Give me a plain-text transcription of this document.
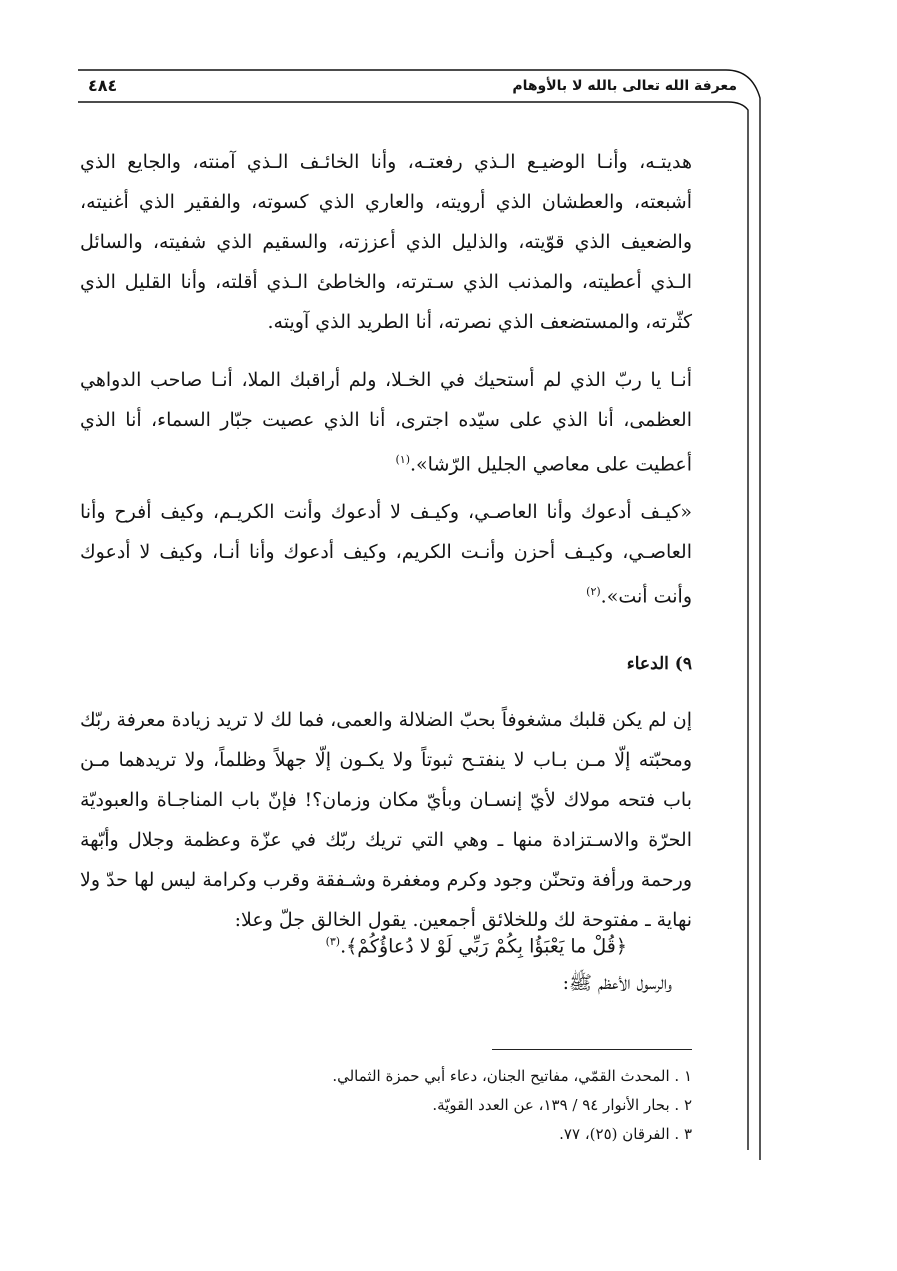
معرفة الله تعالى بالله لا بالأوهام
٤٨٤

هديتـه، وأنـا الوضيـع الـذي رفعتـه، وأنا الخائـف الـذي آمنته، والجايع الذي أشبعته، والعطشان الذي أرويته، والعاري الذي كسوته، والفقير الذي أغنيته، والضعيف الذي قوّيته، والذليل الذي أعززته، والسقيم الذي شفيته، والسائل الـذي أعطيته، والمذنب الذي سـترته، والخاطئ الـذي أقلته، وأنا القليل الذي كثّرته، والمستضعف الذي نصرته، أنا الطريد الذي آويته.

أنـا يا ربّ الذي لم أستحيك في الخـلا، ولم أراقبك الملا، أنـا صاحب الدواهي العظمى، أنا الذي على سيّده اجترى، أنا الذي عصيت جبّار السماء، أنا الذي أعطيت على معاصي الجليل الرّشا».$^{(١)}$

«كيـف أدعوك وأنا العاصـي، وكيـف لا أدعوك وأنت الكريـم، وكيف أفرح وأنا العاصـي، وكيـف أحزن وأنـت الكريم، وكيف أدعوك وأنا أنـا، وكيف لا أدعوك وأنت أنت».$^{(٢)}$

٩) الدعاء

إن لم يكن قلبك مشغوفاً بحبّ الضلالة والعمى، فما لك لا تريد زيادة معرفة ربّك ومحبّته إلّا مـن بـاب لا ينفتـح ثبوتاً ولا يكـون إلّا جهلاً وظلماً، ولا تريدهما مـن باب فتحه مولاك لأيّ إنسـان وبأيّ مكان وزمان؟! فإنّ باب المناجـاة والعبوديّة الحرّة والاسـتزادة منها ـ وهي التي تريك ربّك في عزّة وعظمة وجلال وأبّهة ورحمة ورأفة وتحنّن وجود وكرم ومغفرة وشـفقة وقرب وكرامة ليس لها حدّ ولا نهاية ـ مفتوحة لك وللخلائق أجمعين. يقول الخالق جلّ وعلا:

﴿قُلْ ما يَعْبَؤُا بِكُمْ رَبِّي لَوْ لا دُعاؤُكُمْ﴾.$^{(٣)}$
والرسول الأعظم ﷺ:
١ . المحدث القمّي، مفاتيح الجنان، دعاء أبي حمزة الثمالي.
٢ . بحار الأنوار ٩٤ / ١٣٩، عن العدد القويّة.
٣ . الفرقان (٢٥)، ٧٧.
